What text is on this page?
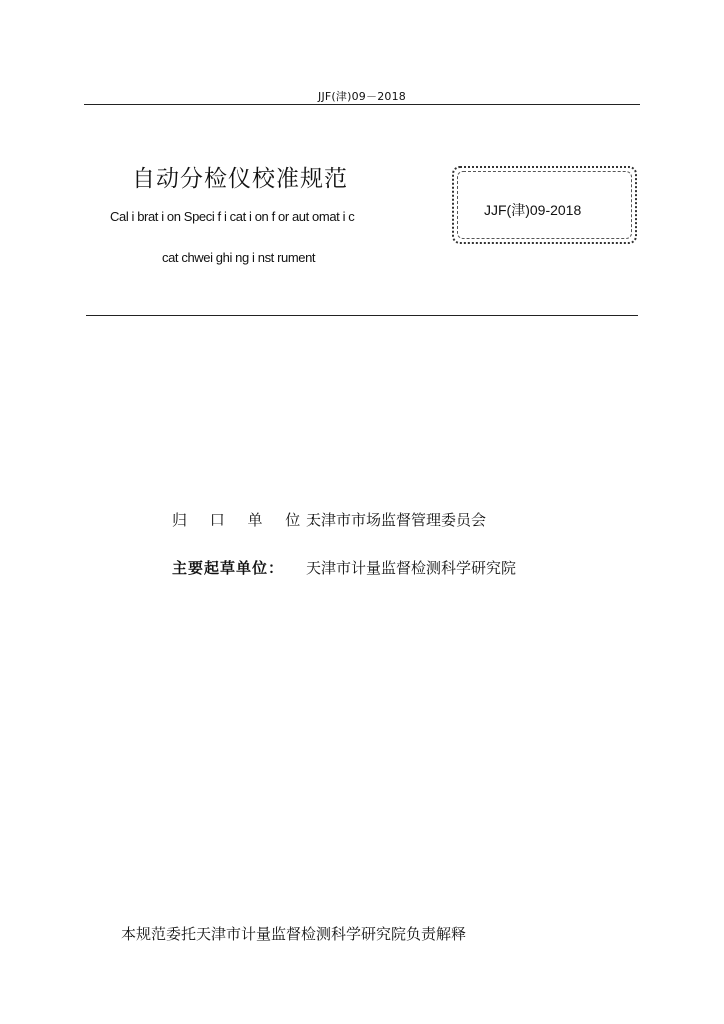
JJF(津)09－2018
自动分检仪校准规范
Cal i brat i on Speci f i cat i on f or aut omat i c
cat chwei ghi ng i nst rument
JJF(津)09-2018
归 口 单 位：
天津市市场监督管理委员会
主要起草单位： 天津市计量监督检测科学研究院
本规范委托天津市计量监督检测科学研究院负责解释
